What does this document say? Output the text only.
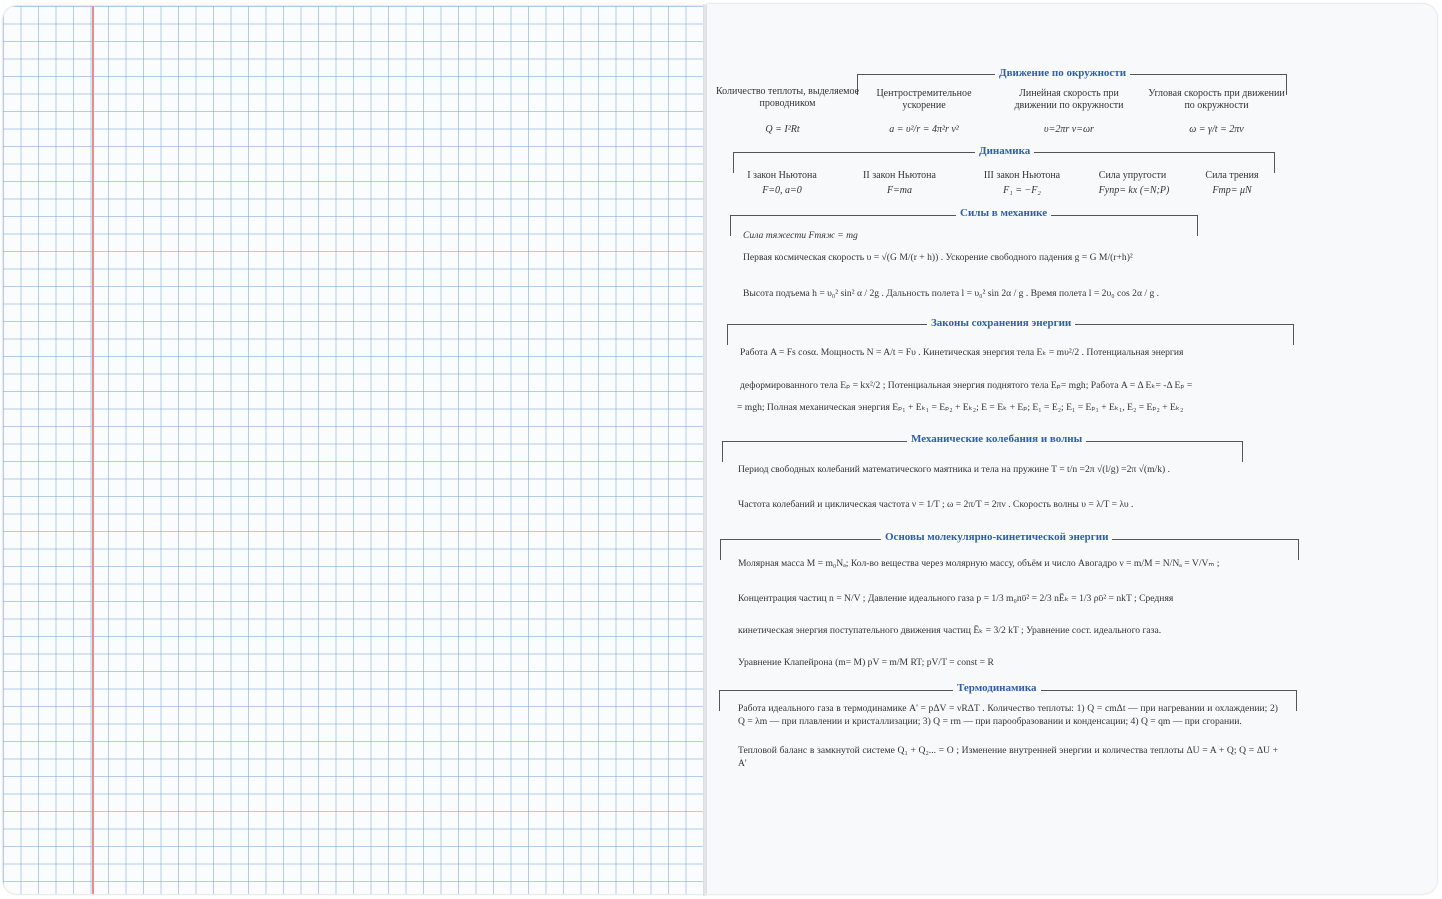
Движение по окружности
Количество теплоты, выделяемое проводником
Q = I²Rt
Центростремительное ускорение
a = υ²/r = 4π²r ν²
Линейная скорость при движении по окружности
υ=2πr ν=ωr
Угловая скорость при движении по окружности
ω = γ/t = 2πν
Динамика
I закон Ньютона
F=0, a=0
II закон Ньютона
F=ma
III закон Ньютона
F₁ = −F₂
Сила упругости
Fупр= kx (=N;P)
Сила трения
Fтр= μN
Силы в механике
Сила тяжести Fтяж = mg
Первая космическая скорость υ = √(G M/(r + h)) . Ускорение свободного падения g = G M/(r+h)²
Высота подъема h = υ₀² sin² α / 2g . Дальность полета l = υ₀² sin 2α / g . Время полета l = 2υ₀ cos 2α / g .
Законы сохранения энергии
Работа A = Fs cosα. Мощность N = A/t = Fυ . Кинетическая энергия тела Eₖ = mυ²/2 . Потенциальная энергия
деформированного тела Eₚ = kx²/2 ; Потенциальная энергия поднятого тела Eₚ= mgh; Работа A = Δ Eₖ= -Δ Eₚ =
= mgh; Полная механическая энергия Eₚ₁ + Eₖ₁ = Eₚ₂ + Eₖ₂; E = Eₖ + Eₚ; E₁ = E₂; E₁ = Eₚ₁ + Eₖ₁, E₂ = Eₚ₂ + Eₖ₂
Механические колебания и волны
Период свободных колебаний математического маятника и тела на пружине T = t/n =2π √(l/g) =2π √(m/k) .
Частота колебаний и циклическая частота ν = 1/T ; ω = 2π/T = 2πν . Скорость волны υ = λ/T = λυ .
Основы молекулярно-кинетической энергии
Молярная масса M = m₀Nₐ; Кол-во вещества через молярную массу, объём и число Авогадро ν = m/M = N/Nₐ = V/Vₘ ;
Концентрация частиц n = N/V ; Давление идеального газа p = 1/3 m₀nῡ² = 2/3 nĒₖ = 1/3 ρῡ² = nkT ; Средняя
кинетическая энергия поступательного движения частиц Ēₖ = 3/2 kT ; Уравнение сост. идеального газа.
Уравнение Клапейрона (m= M) pV = m/M RT; pV/T = const = R
Термодинамика
Работа идеального газа в термодинамике A' = pΔV = νRΔT . Количество теплоты: 1) Q = cmΔt — при нагревании и охлаждении; 2) Q = λm — при плавлении и кристаллизации; 3) Q = rm — при парообразовании и конденсации; 4) Q = qm — при сгорании.
Тепловой баланс в замкнутой системе Q₁ + Q₂... = O ; Изменение внутренней энергии и количества теплоты ΔU = A + Q; Q = ΔU + A'
